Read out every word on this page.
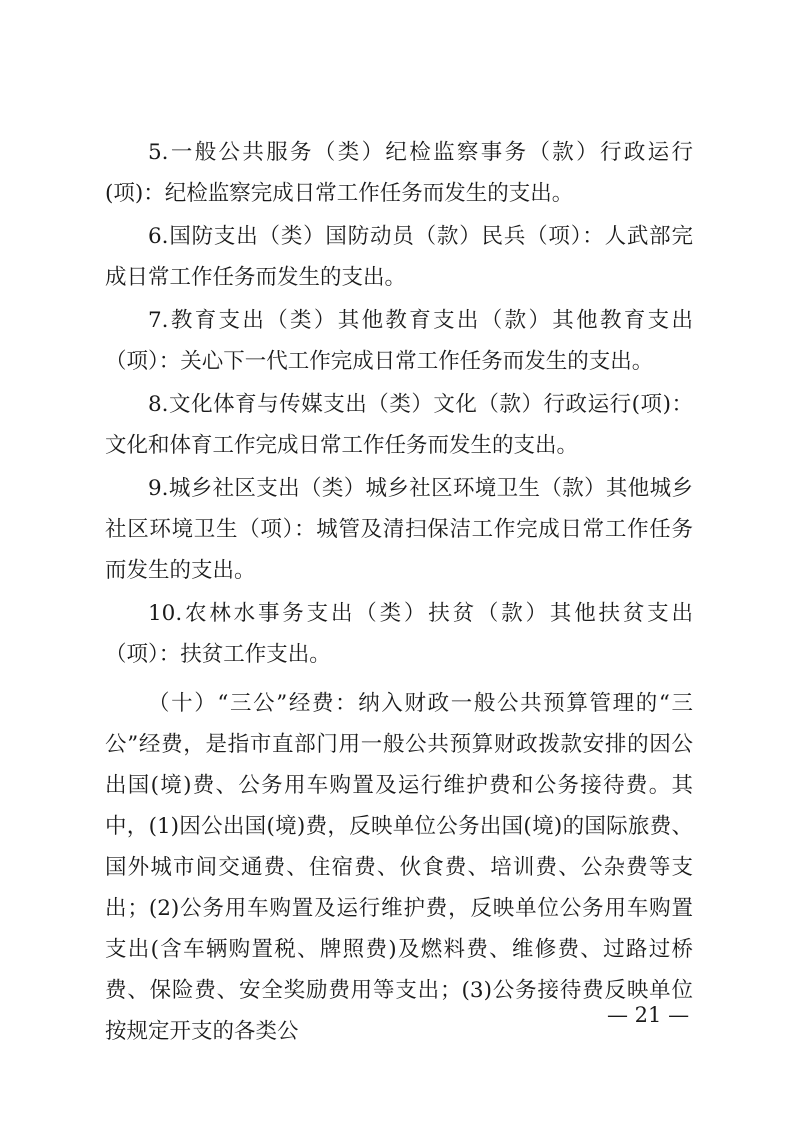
5.一般公共服务（类）纪检监察事务（款）行政运行(项)：纪检监察完成日常工作任务而发生的支出。

6.国防支出（类）国防动员（款）民兵（项）：人武部完成日常工作任务而发生的支出。

7.教育支出（类）其他教育支出（款）其他教育支出（项）：关心下一代工作完成日常工作任务而发生的支出。

8.文化体育与传媒支出（类）文化（款）行政运行(项)：文化和体育工作完成日常工作任务而发生的支出。

9.城乡社区支出（类）城乡社区环境卫生（款）其他城乡社区环境卫生（项）：城管及清扫保洁工作完成日常工作任务而发生的支出。

10.农林水事务支出（类）扶贫（款）其他扶贫支出（项）：扶贫工作支出。

（十）“三公”经费：纳入财政一般公共预算管理的“三公”经费，是指市直部门用一般公共预算财政拨款安排的因公出国(境)费、公务用车购置及运行维护费和公务接待费。其中，(1)因公出国(境)费，反映单位公务出国(境)的国际旅费、国外城市间交通费、住宿费、伙食费、培训费、公杂费等支出；(2)公务用车购置及运行维护费，反映单位公务用车购置支出(含车辆购置税、牌照费)及燃料费、维修费、过路过桥费、保险费、安全奖励费用等支出；(3)公务接待费反映单位按规定开支的各类公

— 21 —
